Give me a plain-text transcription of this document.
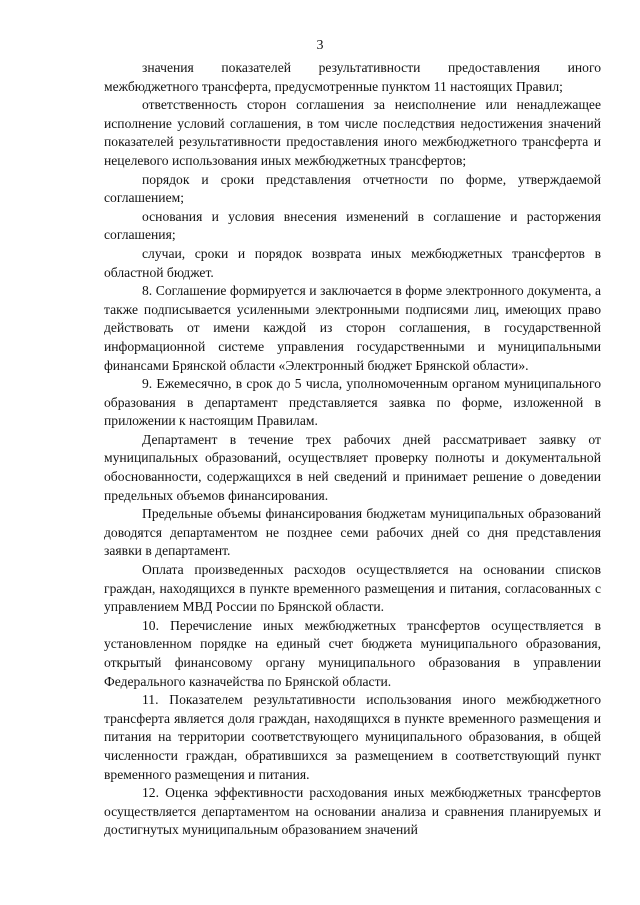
3

значения показателей результативности предоставления иного межбюджетного трансферта, предусмотренные пунктом 11 настоящих Правил;

ответственность сторон соглашения за неисполнение или ненадлежащее исполнение условий соглашения, в том числе последствия недостижения значений показателей результативности предоставления иного межбюджетного трансферта и нецелевого использования иных межбюджетных трансфертов;

порядок и сроки представления отчетности по форме, утверждаемой соглашением;

основания и условия внесения изменений в соглашение и расторжения соглашения;

случаи, сроки и порядок возврата иных межбюджетных трансфертов в областной бюджет.

8. Соглашение формируется и заключается в форме электронного документа, а также подписывается усиленными электронными подписями лиц, имеющих право действовать от имени каждой из сторон соглашения, в государственной информационной системе управления государственными и муниципальными финансами Брянской области «Электронный бюджет Брянской области».

9. Ежемесячно, в срок до 5 числа, уполномоченным органом муниципального образования в департамент представляется заявка по форме, изложенной в приложении к настоящим Правилам.

Департамент в течение трех рабочих дней рассматривает заявку от муниципальных образований, осуществляет проверку полноты и документальной обоснованности, содержащихся в ней сведений и принимает решение о доведении предельных объемов финансирования.

Предельные объемы финансирования бюджетам муниципальных образований доводятся департаментом не позднее семи рабочих дней со дня представления заявки в департамент.

Оплата произведенных расходов осуществляется на основании списков граждан, находящихся в пункте временного размещения и питания, согласованных с управлением МВД России по Брянской области.

10. Перечисление иных межбюджетных трансфертов осуществляется в установленном порядке на единый счет бюджета муниципального образования, открытый финансовому органу муниципального образования в управлении Федерального казначейства по Брянской области.

11. Показателем результативности использования иного межбюджетного трансферта является доля граждан, находящихся в пункте временного размещения и питания на территории соответствующего муниципального образования, в общей численности граждан, обратившихся за размещением в соответствующий пункт временного размещения и питания.

12. Оценка эффективности расходования иных межбюджетных трансфертов осуществляется департаментом на основании анализа и сравнения планируемых и достигнутых муниципальным образованием значений
